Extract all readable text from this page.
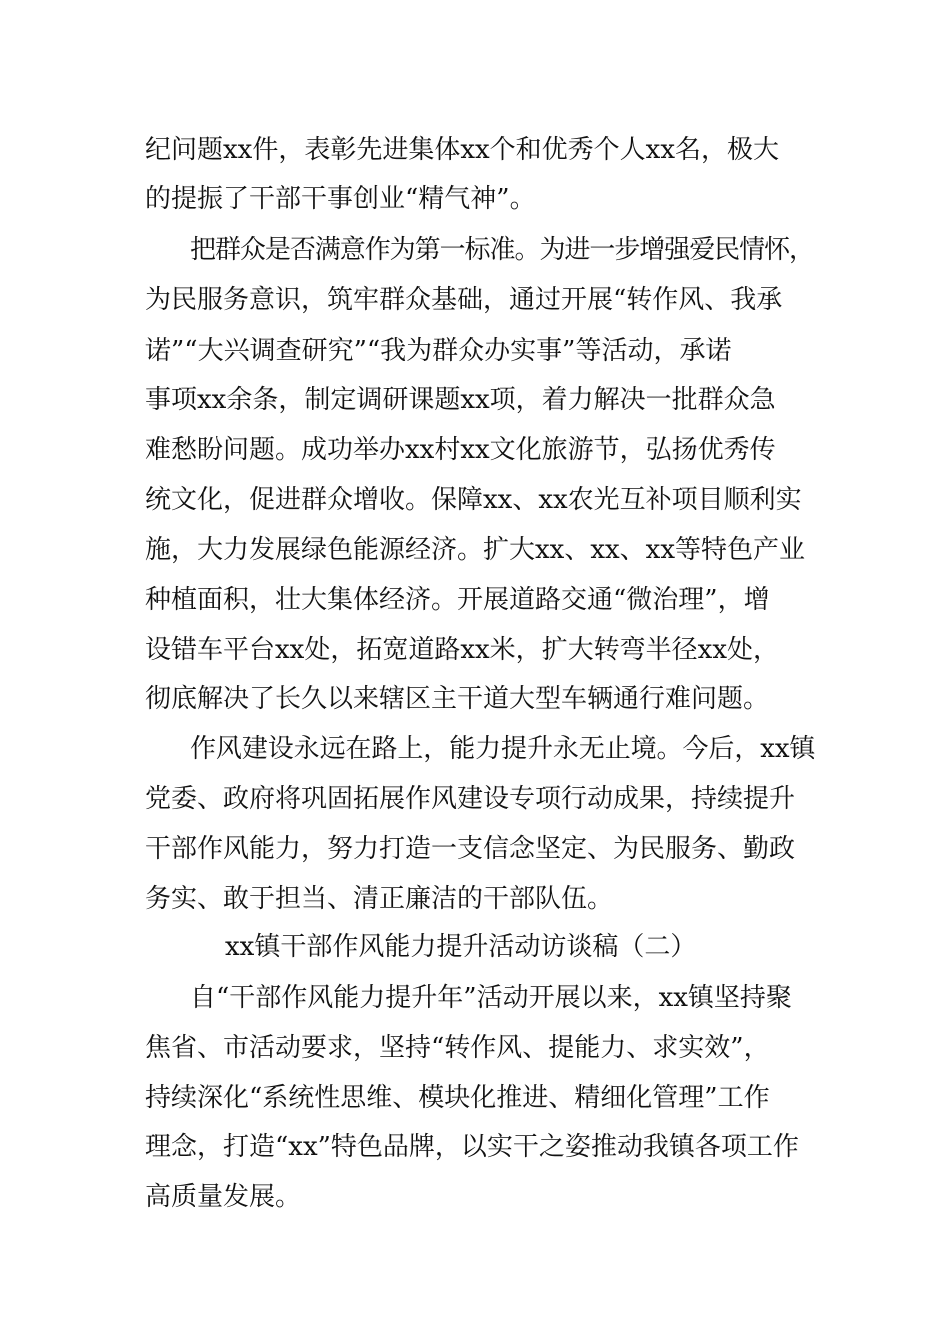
纪问题xx件，表彰先进集体xx个和优秀个人xx名，极大
的提振了干部干事创业“精气神”。
把群众是否满意作为第一标准。为进一步增强爱民情怀，
为民服务意识，筑牢群众基础，通过开展“转作风、我承
诺”“大兴调查研究”“我为群众办实事”等活动，承诺
事项xx余条，制定调研课题xx项，着力解决一批群众急
难愁盼问题。成功举办xx村xx文化旅游节，弘扬优秀传
统文化，促进群众增收。保障xx、xx农光互补项目顺利实
施，大力发展绿色能源经济。扩大xx、xx、xx等特色产业
种植面积，壮大集体经济。开展道路交通“微治理”，增
设错车平台xx处，拓宽道路xx米，扩大转弯半径xx处，
彻底解决了长久以来辖区主干道大型车辆通行难问题。
作风建设永远在路上，能力提升永无止境。今后，xx镇
党委、政府将巩固拓展作风建设专项行动成果，持续提升
干部作风能力，努力打造一支信念坚定、为民服务、勤政
务实、敢于担当、清正廉洁的干部队伍。
xx镇干部作风能力提升活动访谈稿（二）
自“干部作风能力提升年”活动开展以来，xx镇坚持聚
焦省、市活动要求，坚持“转作风、提能力、求实效”，
持续深化“系统性思维、模块化推进、精细化管理”工作
理念，打造“xx”特色品牌，以实干之姿推动我镇各项工作
高质量发展。
